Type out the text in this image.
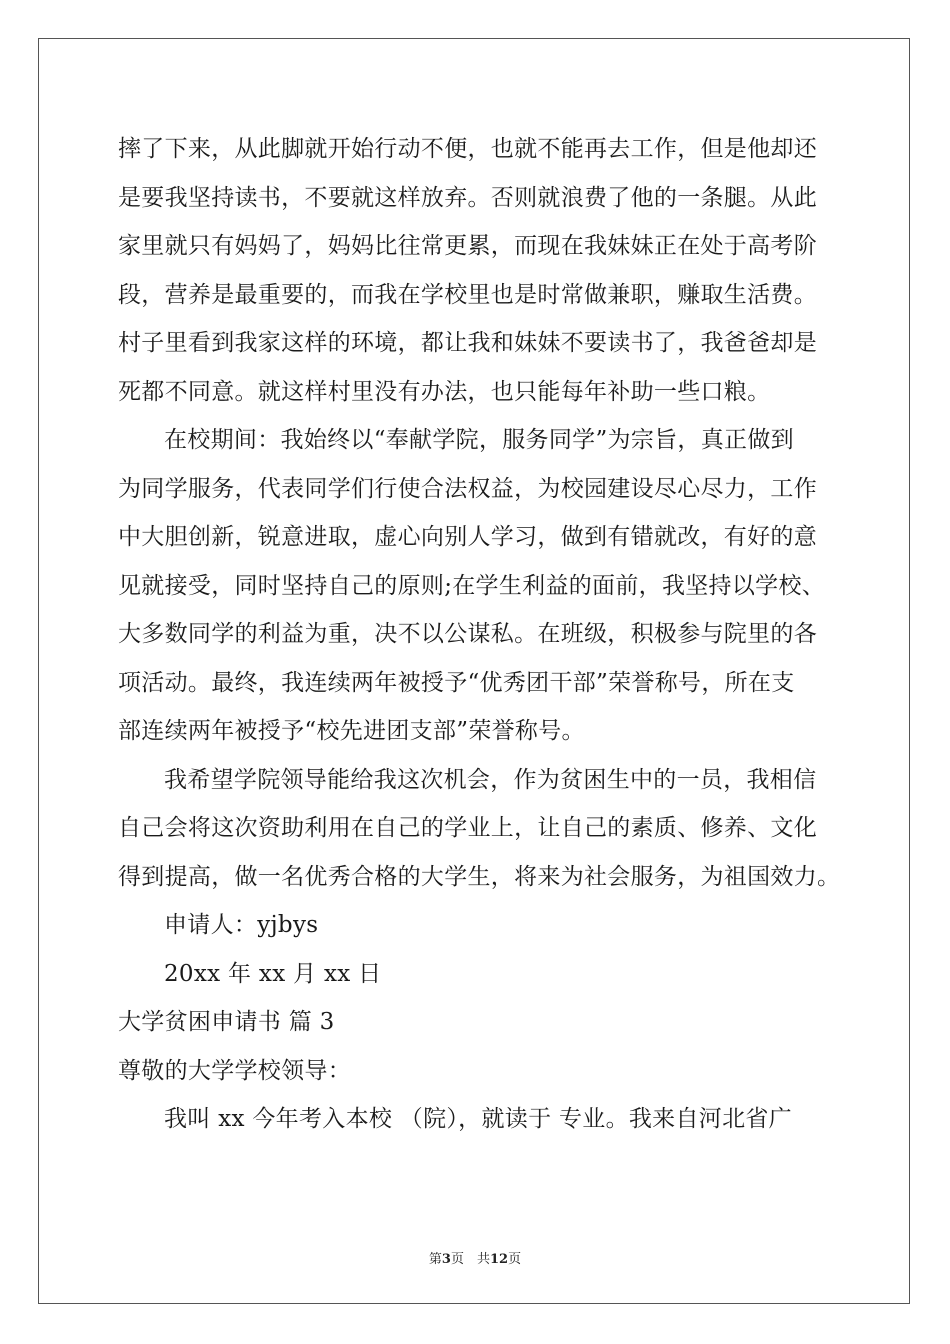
摔了下来，从此脚就开始行动不便，也就不能再去工作，但是他却还
是要我坚持读书，不要就这样放弃。否则就浪费了他的一条腿。从此
家里就只有妈妈了，妈妈比往常更累，而现在我妹妹正在处于高考阶
段，营养是最重要的，而我在学校里也是时常做兼职，赚取生活费。
村子里看到我家这样的环境，都让我和妹妹不要读书了，我爸爸却是
死都不同意。就这样村里没有办法，也只能每年补助一些口粮。
在校期间：我始终以“奉献学院，服务同学”为宗旨，真正做到
为同学服务，代表同学们行使合法权益，为校园建设尽心尽力，工作
中大胆创新，锐意进取，虚心向别人学习，做到有错就改，有好的意
见就接受，同时坚持自己的原则;在学生利益的面前，我坚持以学校、
大多数同学的利益为重，决不以公谋私。在班级，积极参与院里的各
项活动。最终，我连续两年被授予“优秀团干部”荣誉称号，所在支
部连续两年被授予“校先进团支部”荣誉称号。
我希望学院领导能给我这次机会，作为贫困生中的一员，我相信
自己会将这次资助利用在自己的学业上，让自己的素质、修养、文化
得到提高，做一名优秀合格的大学生，将来为社会服务，为祖国效力。
申请人：yjbys
20xx 年 xx 月 xx 日
大学贫困申请书 篇 3
尊敬的大学学校领导：
我叫 xx 今年考入本校 （院），就读于 专业。我来自河北省广
第3页　共12页
